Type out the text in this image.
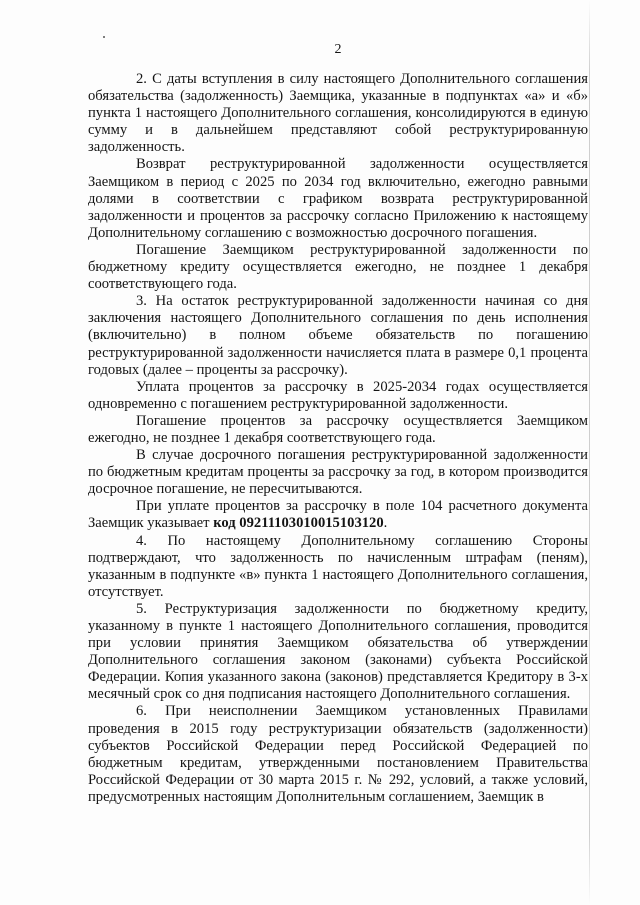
2

2. С даты вступления в силу настоящего Дополнительного соглашения обязательства (задолженность) Заемщика, указанные в подпунктах «а» и «б» пункта 1 настоящего Дополнительного соглашения, консолидируются в единую сумму и в дальнейшем представляют собой реструктурированную задолженность.

Возврат реструктурированной задолженности осуществляется Заемщиком в период с 2025 по 2034 год включительно, ежегодно равными долями в соответствии с графиком возврата реструктурированной задолженности и процентов за рассрочку согласно Приложению к настоящему Дополнительному соглашению с возможностью досрочного погашения.

Погашение Заемщиком реструктурированной задолженности по бюджетному кредиту осуществляется ежегодно, не позднее 1 декабря соответствующего года.

3. На остаток реструктурированной задолженности начиная со дня заключения настоящего Дополнительного соглашения по день исполнения (включительно) в полном объеме обязательств по погашению реструктурированной задолженности начисляется плата в размере 0,1 процента годовых (далее – проценты за рассрочку).

Уплата процентов за рассрочку в 2025-2034 годах осуществляется одновременно с погашением реструктурированной задолженности.

Погашение процентов за рассрочку осуществляется Заемщиком ежегодно, не позднее 1 декабря соответствующего года.

В случае досрочного погашения реструктурированной задолженности по бюджетным кредитам проценты за рассрочку за год, в котором производится досрочное погашение, не пересчитываются.

При уплате процентов за рассрочку в поле 104 расчетного документа Заемщик указывает код 09211103010015103120.

4. По настоящему Дополнительному соглашению Стороны подтверждают, что задолженность по начисленным штрафам (пеням), указанным в подпункте «в» пункта 1 настоящего Дополнительного соглашения, отсутствует.

5. Реструктуризация задолженности по бюджетному кредиту, указанному в пункте 1 настоящего Дополнительного соглашения, проводится при условии принятия Заемщиком обязательства об утверждении Дополнительного соглашения законом (законами) субъекта Российской Федерации. Копия указанного закона (законов) представляется Кредитору в 3-х месячный срок со дня подписания настоящего Дополнительного соглашения.

6. При неисполнении Заемщиком установленных Правилами проведения в 2015 году реструктуризации обязательств (задолженности) субъектов Российской Федерации перед Российской Федерацией по бюджетным кредитам, утвержденными постановлением Правительства Российской Федерации от 30 марта 2015 г. № 292, условий, а также условий, предусмотренных настоящим Дополнительным соглашением, Заемщик в
